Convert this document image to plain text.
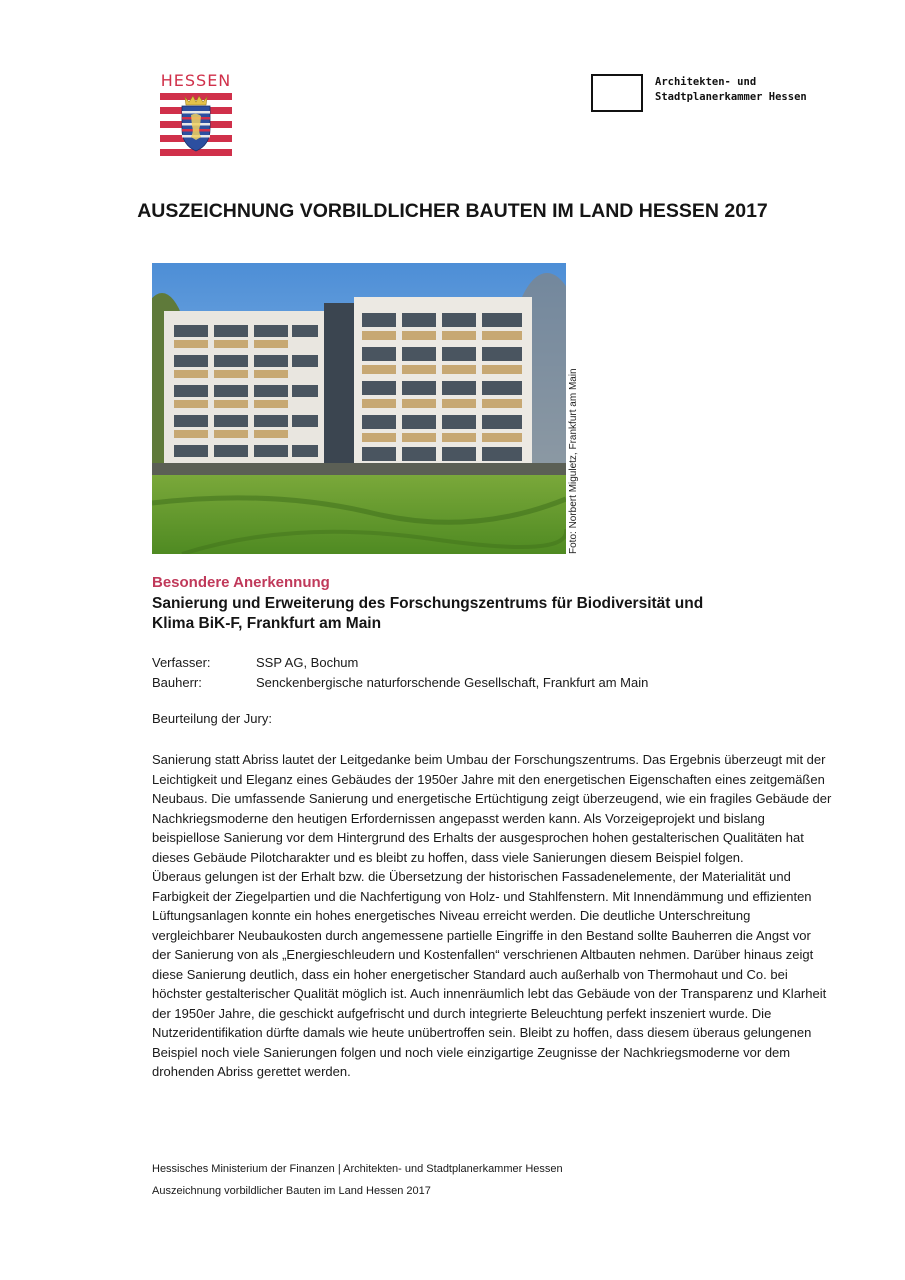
HESSEN	Architekten- und
Stadtplanerkammer Hessen
AUSZEICHNUNG VORBILDLICHER BAUTEN IM LAND HESSEN 2017
Foto: Norbert Miguletz, Frankfurt am Main
Besondere Anerkennung
Sanierung und Erweiterung des Forschungszentrums für Biodiversität und
Klima BiK-F, Frankfurt am Main
Verfasser:	SSP AG, Bochum
Bauherr:	Senckenbergische naturforschende Gesellschaft, Frankfurt am Main
Beurteilung der Jury:

Sanierung statt Abriss lautet der Leitgedanke beim Umbau der Forschungszentrums. Das Ergebnis überzeugt mit der Leichtigkeit und Eleganz eines Gebäudes der 1950er Jahre mit den energetischen Eigenschaften eines zeitgemäßen Neubaus. Die umfassende Sanierung und energetische Ertüchtigung zeigt überzeugend, wie ein fragiles Gebäude der Nachkriegsmoderne den heutigen Erfordernissen angepasst werden kann. Als Vorzeigeprojekt und bislang beispiellose Sanierung vor dem Hintergrund des Erhalts der ausgesprochen hohen gestalterischen Qualitäten hat dieses Gebäude Pilotcharakter und es bleibt zu hoffen, dass viele Sanierungen diesem Beispiel folgen.

Überaus gelungen ist der Erhalt bzw. die Übersetzung der historischen Fassadenelemente, der Materialität und Farbigkeit der Ziegelpartien und die Nachfertigung von Holz- und Stahlfenstern. Mit Innendämmung und effizienten Lüftungsanlagen konnte ein hohes energetisches Niveau erreicht werden. Die deutliche Unterschreitung vergleichbarer Neubaukosten durch angemessene partielle Eingriffe in den Bestand sollte Bauherren die Angst vor der Sanierung von als „Energieschleudern und Kostenfallen“ verschrienen Altbauten nehmen. Darüber hinaus zeigt diese Sanierung deutlich, dass ein hoher energetischer Standard auch außerhalb von Thermohaut und Co. bei höchster gestalterischer Qualität möglich ist. Auch innenräumlich lebt das Gebäude von der Transparenz und Klarheit der 1950er Jahre, die geschickt aufgefrischt und durch integrierte Beleuchtung perfekt inszeniert wurde. Die Nutzeridentifikation dürfte damals wie heute unübertroffen sein. Bleibt zu hoffen, dass diesem überaus gelungenen Beispiel noch viele Sanierungen folgen und noch viele einzigartige Zeugnisse der Nachkriegsmoderne vor dem drohenden Abriss gerettet werden.

Hessisches Ministerium der Finanzen | Architekten- und Stadtplanerkammer Hessen
Auszeichnung vorbildlicher Bauten im Land Hessen 2017
